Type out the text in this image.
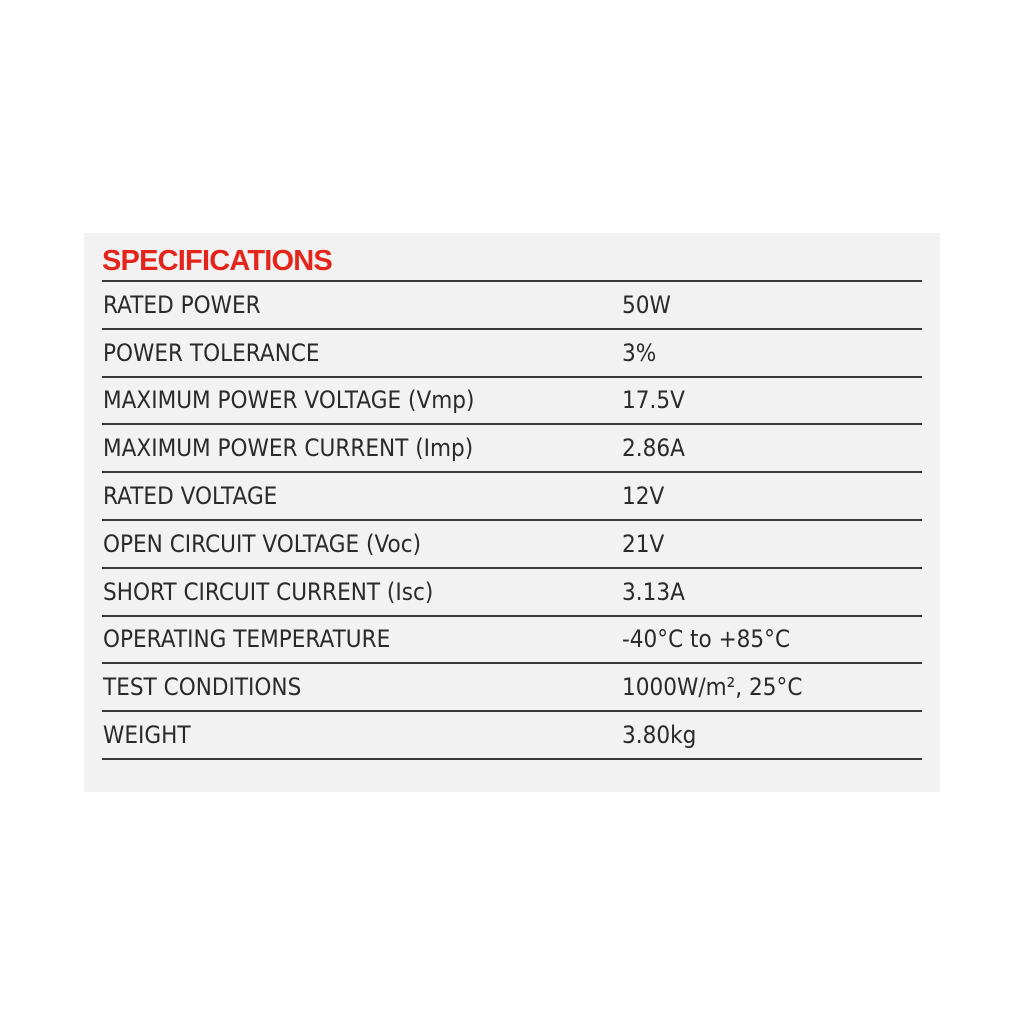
SPECIFICATIONS
RATED POWER	50W
POWER TOLERANCE	3%
MAXIMUM POWER VOLTAGE (Vmp)	17.5V
MAXIMUM POWER CURRENT (Imp)	2.86A
RATED VOLTAGE	12V
OPEN CIRCUIT VOLTAGE (Voc)	21V
SHORT CIRCUIT CURRENT (Isc)	3.13A
OPERATING TEMPERATURE	-40°C to +85°C
TEST CONDITIONS	1000W/m², 25°C
WEIGHT	3.80kg
